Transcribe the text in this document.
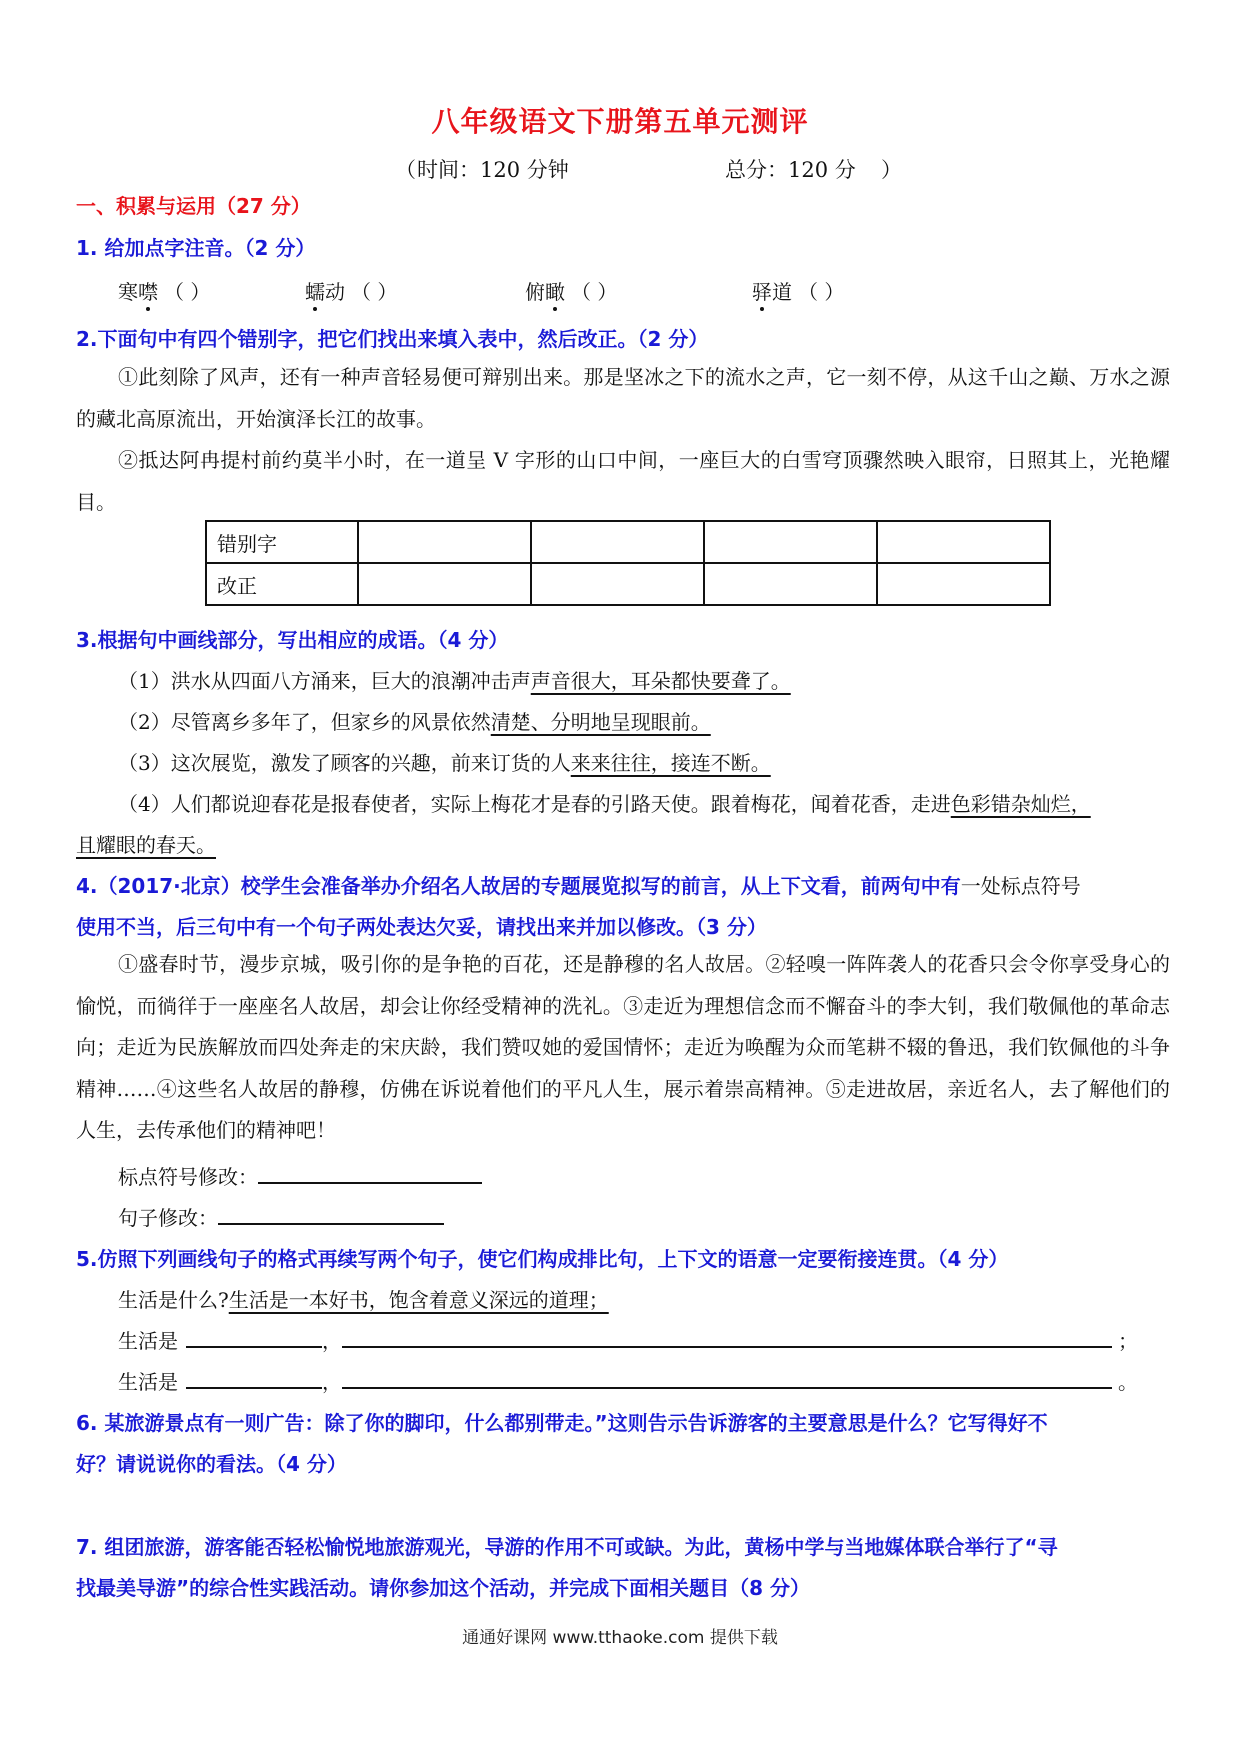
八年级语文下册第五单元测评
（ 时间：120 分钟	总分：120 分 ）
一、积累与运用（27 分）
1. 给加点字注音。（2 分）
寒噤 （ ）	蠕动 （ ）	俯瞰 （ ）	驿道 （ ）
2.下面句中有四个错别字，把它们找出来填入表中，然后改正。（2 分）
①此刻除了风声，还有一种声音轻易便可辩别出来。那是坚冰之下的流水之声，它一刻不停，从这千山之巅、万水之源的藏北高原流出，开始演泽长江的故事。
②抵达阿冉提村前约莫半小时，在一道呈 V 字形的山口中间，一座巨大的白雪穹顶骤然映入眼帘，日照其上，光艳耀目。
错别字				
改正				
3.根据句中画线部分，写出相应的成语。（4 分）
（1）洪水从四面八方涌来，巨大的浪潮冲击声声音很大，耳朵都快要聋了。
（2）尽管离乡多年了，但家乡的风景依然清楚、分明地呈现眼前。
（3）这次展览，激发了顾客的兴趣，前来订货的人来来往往，接连不断。
（4）人们都说迎春花是报春使者，实际上梅花才是春的引路天使。跟着梅花，闻着花香，走进色彩错杂灿烂，
且耀眼的春天。
4.（2017·北京）校学生会准备举办介绍名人故居的专题展览拟写的前言，从上下文看，前两句中有一处标点符号
使用不当，后三句中有一个句子两处表达欠妥，请找出来并加以修改。（3 分）
①盛春时节，漫步京城，吸引你的是争艳的百花，还是静穆的名人故居。②轻嗅一阵阵袭人的花香只会令你享受身心的愉悦，而徜徉于一座座名人故居，却会让你经受精神的洗礼。③走近为理想信念而不懈奋斗的李大钊，我们敬佩他的革命志向；走近为民族解放而四处奔走的宋庆龄，我们赞叹她的爱国情怀；走近为唤醒为众而笔耕不辍的鲁迅，我们钦佩他的斗争精神……④这些名人故居的静穆，仿佛在诉说着他们的平凡人生，展示着崇高精神。⑤走进故居，亲近名人，去了解他们的人生，去传承他们的精神吧！
标点符号修改：
句子修改：
5.仿照下列画线句子的格式再续写两个句子，使它们构成排比句，上下文的语意一定要衔接连贯。（4 分）
生活是什么?生活是一本好书，饱含着意义深远的道理；
生活是	，	；
生活是	，	。
6. 某旅游景点有一则广告：除了你的脚印，什么都别带走。”这则告示告诉游客的主要意思是什么？它写得好不
好？请说说你的看法。（4 分）
7. 组团旅游，游客能否轻松愉悦地旅游观光，导游的作用不可或缺。为此，黄杨中学与当地媒体联合举行了“寻
找最美导游”的综合性实践活动。请你参加这个活动，并完成下面相关题目（8 分）
通通好课网 www.tthaoke.com 提供下载
